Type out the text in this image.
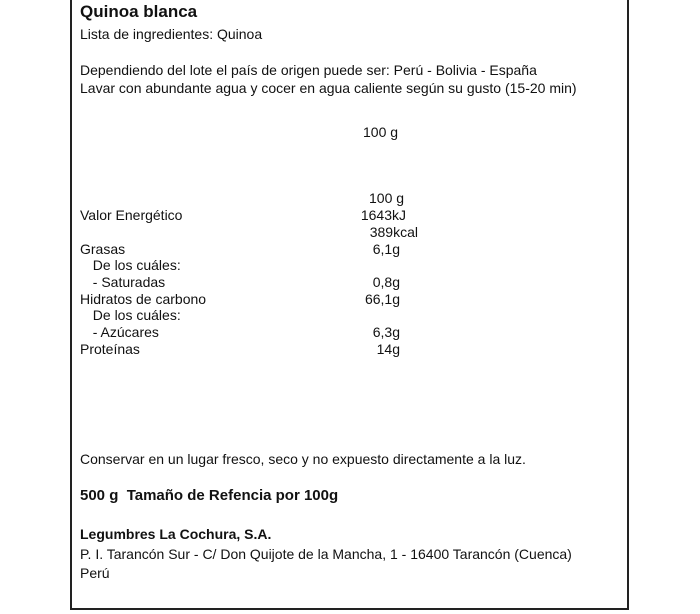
Quinoa blanca
Lista de ingredientes: Quinoa
Dependiendo del lote el país de origen puede ser: Perú - Bolivia - España
Lavar con abundante agua y cocer en agua caliente según su gusto (15-20 min)
100 g
100 g
Valor Energético	1643kJ
389kcal
Grasas	6,1g
De los cuáles:
- Saturadas	0,8g
Hidratos de carbono	66,1g
De los cuáles:
- Azúcares	6,3g
Proteínas	14g
Conservar en un lugar fresco, seco y no expuesto directamente a la luz.
500 g  Tamaño de Refencia por 100g
Legumbres La Cochura, S.A.
P. I. Tarancón Sur - C/ Don Quijote de la Mancha, 1 - 16400 Tarancón (Cuenca)
Perú
